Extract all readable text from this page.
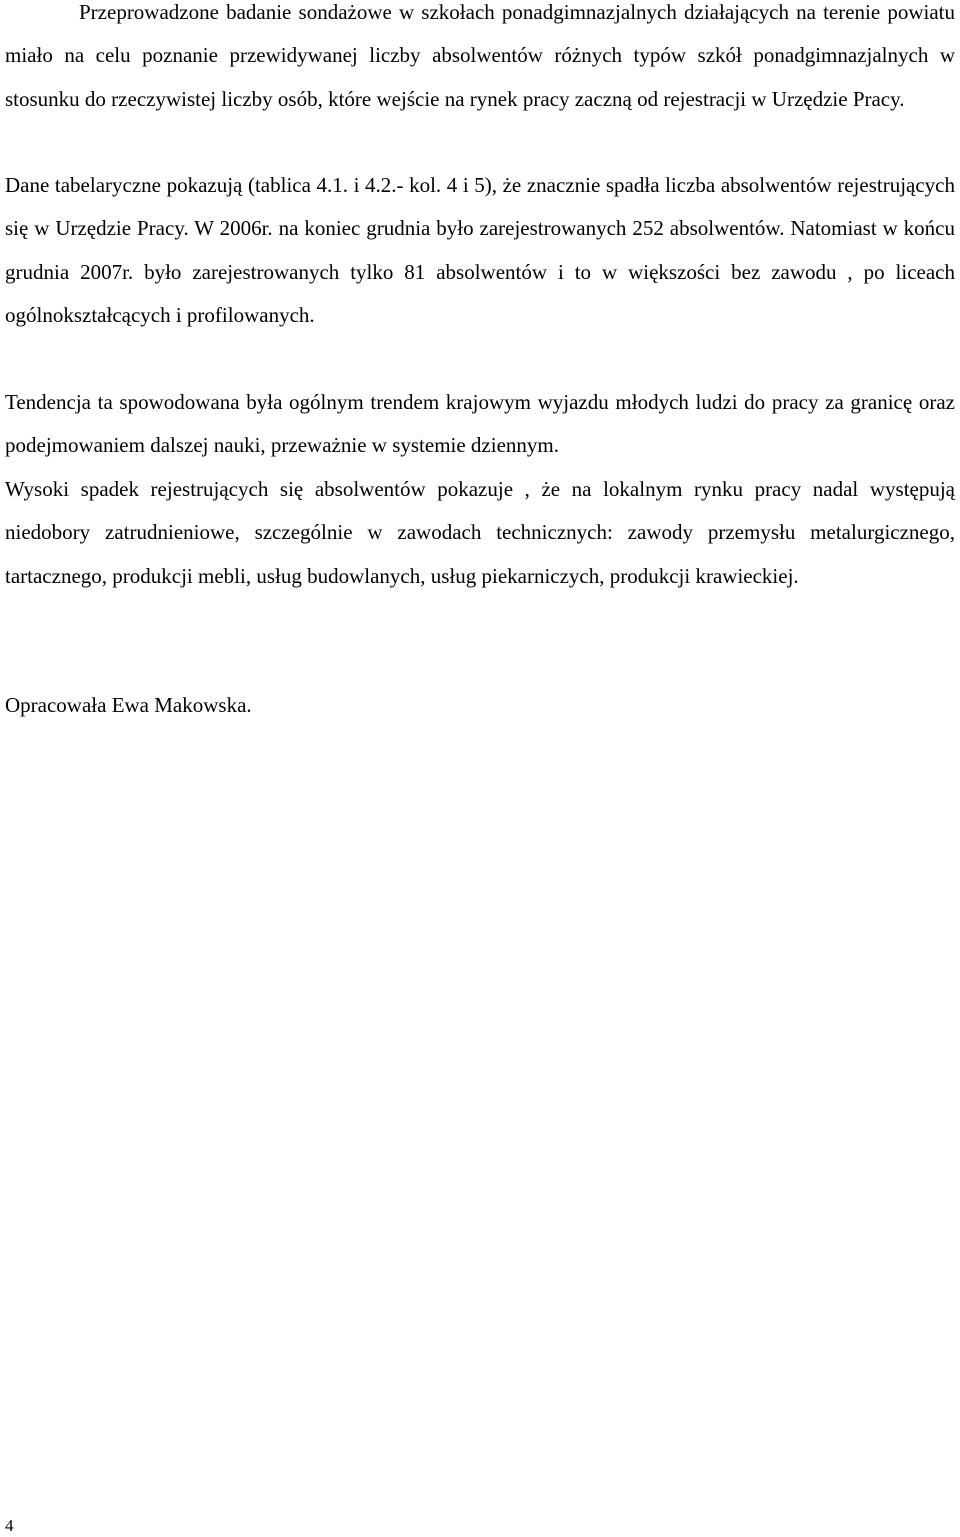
Przeprowadzone badanie sondażowe w szkołach ponadgimnazjalnych działających na terenie powiatu miało na celu poznanie przewidywanej liczby absolwentów różnych typów szkół ponadgimnazjalnych w stosunku do rzeczywistej liczby osób, które wejście na rynek pracy zaczną od rejestracji w Urzędzie Pracy.

Dane tabelaryczne pokazują (tablica 4.1. i 4.2.- kol. 4 i 5), że znacznie spadła liczba absolwentów rejestrujących się w Urzędzie Pracy. W 2006r. na koniec grudnia było zarejestrowanych 252 absolwentów. Natomiast w końcu grudnia 2007r. było zarejestrowanych tylko 81 absolwentów i to w większości bez zawodu , po liceach ogólnokształcących i profilowanych.

Tendencja ta spowodowana była ogólnym trendem krajowym wyjazdu młodych ludzi do pracy za granicę oraz podejmowaniem dalszej nauki, przeważnie w systemie dziennym.

Wysoki spadek rejestrujących się absolwentów pokazuje , że na lokalnym rynku pracy nadal występują niedobory zatrudnieniowe, szczególnie w zawodach technicznych: zawody przemysłu metalurgicznego, tartacznego, produkcji mebli, usług budowlanych, usług piekarniczych, produkcji krawieckiej.

Opracowała Ewa Makowska.

4
